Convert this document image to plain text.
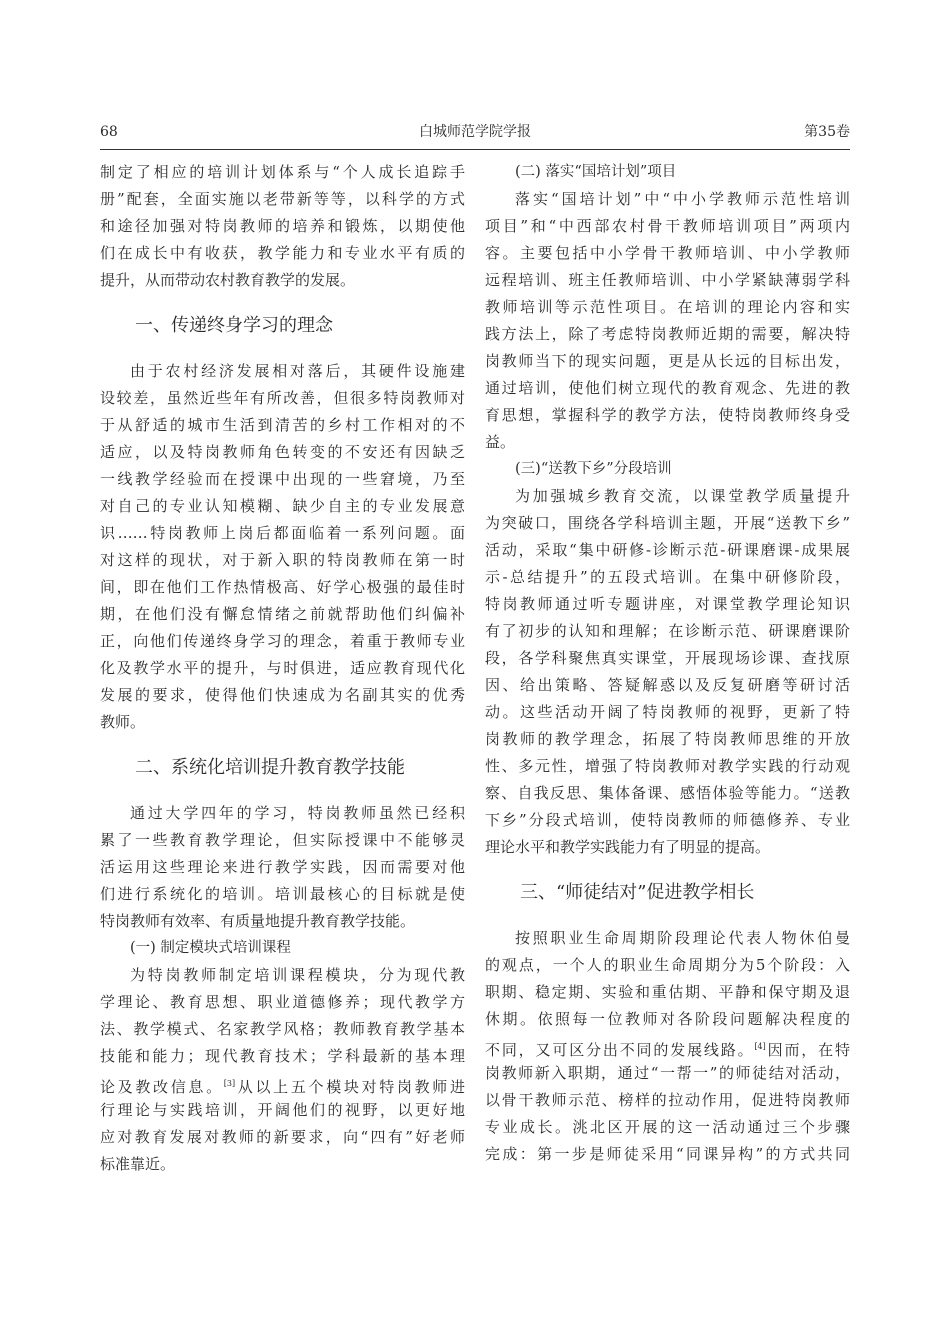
68	白城师范学院学报	第35卷
制定了相应的培训计划体系与“个人成长追踪手
册”配套，全面实施以老带新等等，以科学的方式
和途径加强对特岗教师的培养和锻炼，以期使他
们在成长中有收获，教学能力和专业水平有质的
提升，从而带动农村教育教学的发展。
一、传递终身学习的理念
由于农村经济发展相对落后，其硬件设施建
设较差，虽然近些年有所改善，但很多特岗教师对
于从舒适的城市生活到清苦的乡村工作相对的不
适应，以及特岗教师角色转变的不安还有因缺乏
一线教学经验而在授课中出现的一些窘境，乃至
对自己的专业认知模糊、缺少自主的专业发展意
识……特岗教师上岗后都面临着一系列问题。面
对这样的现状，对于新入职的特岗教师在第一时
间，即在他们工作热情极高、好学心极强的最佳时
期，在他们没有懈怠情绪之前就帮助他们纠偏补
正，向他们传递终身学习的理念，着重于教师专业
化及教学水平的提升，与时俱进，适应教育现代化
发展的要求，使得他们快速成为名副其实的优秀
教师。
二、系统化培训提升教育教学技能
通过大学四年的学习，特岗教师虽然已经积
累了一些教育教学理论，但实际授课中不能够灵
活运用这些理论来进行教学实践，因而需要对他
们进行系统化的培训。培训最核心的目标就是使
特岗教师有效率、有质量地提升教育教学技能。
(一) 制定模块式培训课程
为特岗教师制定培训课程模块，分为现代教
学理论、教育思想、职业道德修养；现代教学方
法、教学模式、名家教学风格；教师教育教学基本
技能和能力；现代教育技术；学科最新的基本理
论及教改信息。[3]从以上五个模块对特岗教师进
行理论与实践培训，开阔他们的视野，以更好地
应对教育发展对教师的新要求，向“四有”好老师
标准靠近。
(二) 落实“国培计划”项目
落实“国培计划”中“中小学教师示范性培训
项目”和“中西部农村骨干教师培训项目”两项内
容。主要包括中小学骨干教师培训、中小学教师
远程培训、班主任教师培训、中小学紧缺薄弱学科
教师培训等示范性项目。在培训的理论内容和实
践方法上，除了考虑特岗教师近期的需要，解决特
岗教师当下的现实问题，更是从长远的目标出发，
通过培训，使他们树立现代的教育观念、先进的教
育思想，掌握科学的教学方法，使特岗教师终身受
益。
(三)“送教下乡”分段培训
为加强城乡教育交流，以课堂教学质量提升
为突破口，围绕各学科培训主题，开展“送教下乡”
活动，采取“集中研修-诊断示范-研课磨课-成果展
示-总结提升”的五段式培训。在集中研修阶段，
特岗教师通过听专题讲座，对课堂教学理论知识
有了初步的认知和理解；在诊断示范、研课磨课阶
段，各学科聚焦真实课堂，开展现场诊课、查找原
因、给出策略、答疑解惑以及反复研磨等研讨活
动。这些活动开阔了特岗教师的视野，更新了特
岗教师的教学理念，拓展了特岗教师思维的开放
性、多元性，增强了特岗教师对教学实践的行动观
察、自我反思、集体备课、感悟体验等能力。“送教
下乡”分段式培训，使特岗教师的师德修养、专业
理论水平和教学实践能力有了明显的提高。
三、“师徒结对”促进教学相长
按照职业生命周期阶段理论代表人物休伯曼
的观点，一个人的职业生命周期分为5个阶段：入
职期、稳定期、实验和重估期、平静和保守期及退
休期。依照每一位教师对各阶段问题解决程度的
不同，又可区分出不同的发展线路。[4]因而，在特
岗教师新入职期，通过“一帮一”的师徒结对活动，
以骨干教师示范、榜样的拉动作用，促进特岗教师
专业成长。洮北区开展的这一活动通过三个步骤
完成：第一步是师徒采用“同课异构”的方式共同
